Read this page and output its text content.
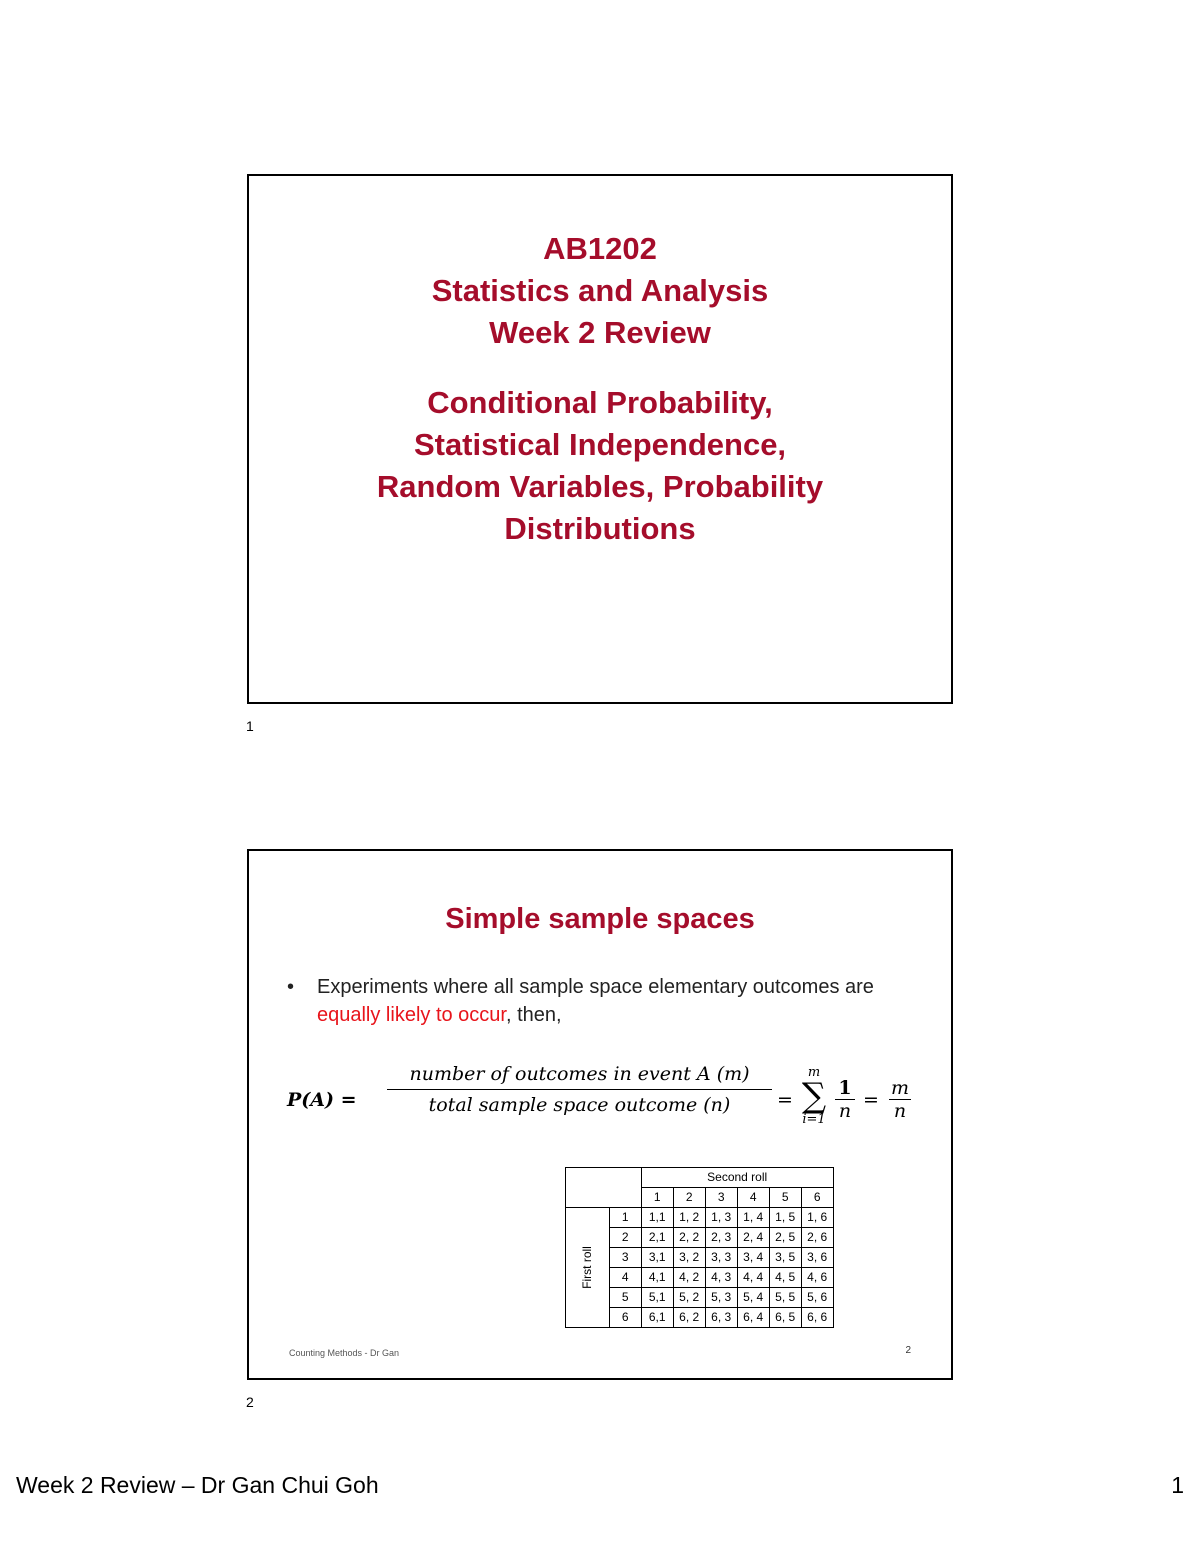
AB1202
Statistics and Analysis
Week 2 Review
Conditional Probability,
Statistical Independence,
Random Variables, Probability
Distributions
1
Simple sample spaces
• Experiments where all sample space elementary outcomes are equally likely to occur, then,
P(A) =
number of outcomes in event A (m)
total sample space outcome (n)	=
m
∑
i=1
1
n =
m
n
		Second roll					
		1	2	3	4	5	6
First roll	1	1,1	1, 2	1, 3	1, 4	1, 5	1, 6
	2	2,1	2, 2	2, 3	2, 4	2, 5	2, 6
	3	3,1	3, 2	3, 3	3, 4	3, 5	3, 6
	4	4,1	4, 2	4, 3	4, 4	4, 5	4, 6
	5	5,1	5, 2	5, 3	5, 4	5, 5	5, 6
	6	6,1	6, 2	6, 3	6, 4	6, 5	6, 6
Counting Methods - Dr Gan	2
2
Week 2 Review – Dr Gan Chui Goh	1
